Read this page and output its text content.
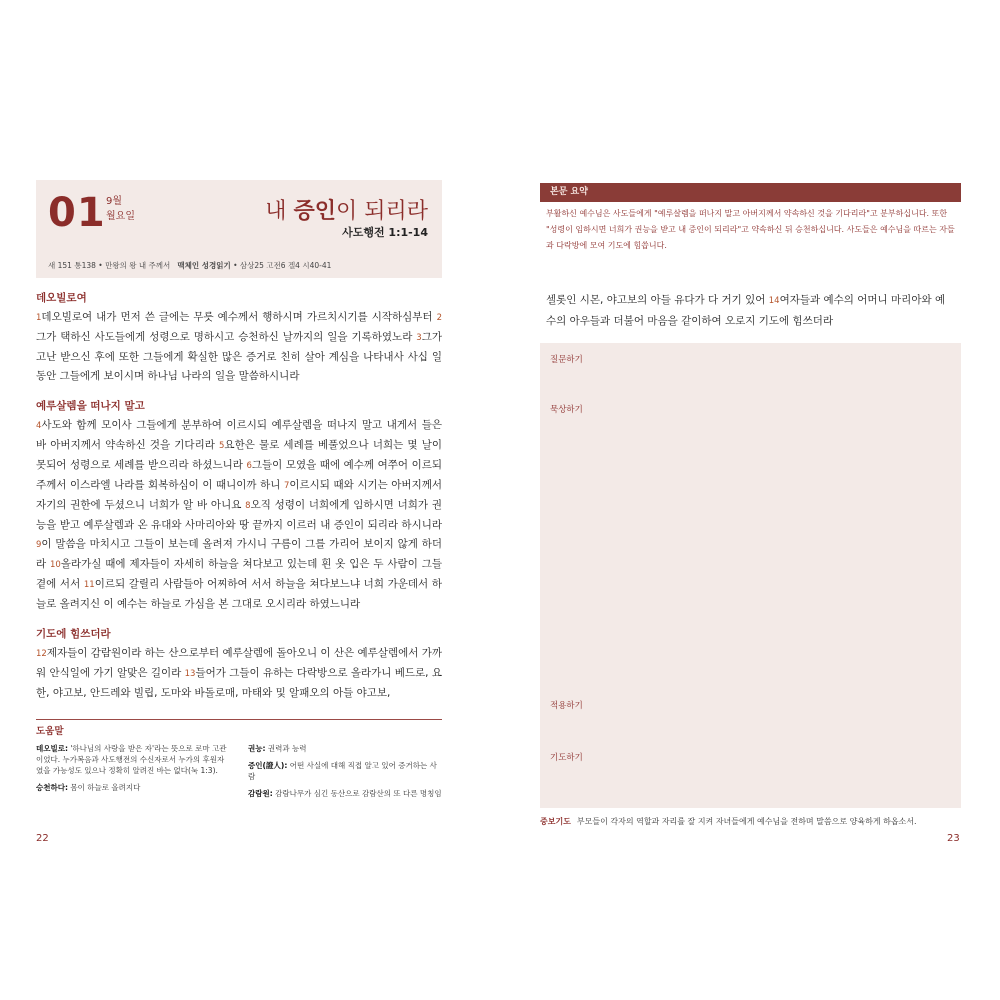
01 9월
월요일	내 증인이 되리라
사도행전 1:1-14
새 151 통138 • 만왕의 왕 내 주께서 맥체인 성경읽기 • 삼상25 고전6 겔4 시40-41
데오빌로여
1데오빌로여 내가 먼저 쓴 글에는 무릇 예수께서 행하시며 가르치시기를 시작하심부터 2그가 택하신 사도들에게 성령으로 명하시고 승천하신 날까지의 일을 기록하였노라 3그가 고난 받으신 후에 또한 그들에게 확실한 많은 증거로 친히 살아 계심을 나타내사 사십 일 동안 그들에게 보이시며 하나님 나라의 일을 말씀하시니라
예루살렘을 떠나지 말고
4사도와 함께 모이사 그들에게 분부하여 이르시되 예루살렘을 떠나지 말고 내게서 들은 바 아버지께서 약속하신 것을 기다리라 5요한은 물로 세례를 베풀었으나 너희는 몇 날이 못되어 성령으로 세례를 받으리라 하셨느니라 6그들이 모였을 때에 예수께 여쭈어 이르되 주께서 이스라엘 나라를 회복하심이 이 때니이까 하니 7이르시되 때와 시기는 아버지께서 자기의 권한에 두셨으니 너희가 알 바 아니요 8오직 성령이 너희에게 임하시면 너희가 권능을 받고 예루살렘과 온 유대와 사마리아와 땅 끝까지 이르러 내 증인이 되리라 하시니라 9이 말씀을 마치시고 그들이 보는데 올려져 가시니 구름이 그를 가리어 보이지 않게 하더라 10올라가실 때에 제자들이 자세히 하늘을 쳐다보고 있는데 흰 옷 입은 두 사람이 그들 곁에 서서 11이르되 갈릴리 사람들아 어찌하여 서서 하늘을 쳐다보느냐 너희 가운데서 하늘로 올려지신 이 예수는 하늘로 가심을 본 그대로 오시리라 하였느니라
기도에 힘쓰더라
12제자들이 감람원이라 하는 산으로부터 예루살렘에 돌아오니 이 산은 예루살렘에서 가까워 안식일에 가기 알맞은 길이라 13들어가 그들이 유하는 다락방으로 올라가니 베드로, 요한, 야고보, 안드레와 빌립, 도마와 바돌로매, 마태와 및 알패오의 아들 야고보,
도움말
데오빌로: '하나님의 사랑을 받은 자'라는 뜻으로 로마 고관이었다. 누가복음과 사도행전의 수신자로서 누가의 후원자였을 가능성도 있으나 정확히 알려진 바는 없다(눅 1:3).
승천하다: 몸이 하늘로 올려지다
권능: 권력과 능력
증인(證人): 어떤 사실에 대해 직접 알고 있어 증거하는 사람
감람원: 감람나무가 심긴 동산으로 감람산의 또 다른 명칭임
22
본문 요약
부활하신 예수님은 사도들에게 "예루살렘을 떠나지 말고 아버지께서 약속하신 것을 기다리라"고 분부하십니다. 또한 "성령이 임하시면 너희가 권능을 받고 내 증인이 되리라"고 약속하신 뒤 승천하십니다. 사도들은 예수님을 따르는 자들과 다락방에 모여 기도에 힘씁니다.
셀롯인 시몬, 야고보의 아들 유다가 다 거기 있어 14여자들과 예수의 어머니 마리아와 예수의 아우들과 더불어 마음을 같이하여 오로지 기도에 힘쓰더라
질문하기
묵상하기
적용하기
기도하기
중보기도 부모들이 각자의 역할과 자리를 잘 지켜 자녀들에게 예수님을 전하며 말씀으로 양육하게 하옵소서.
23
